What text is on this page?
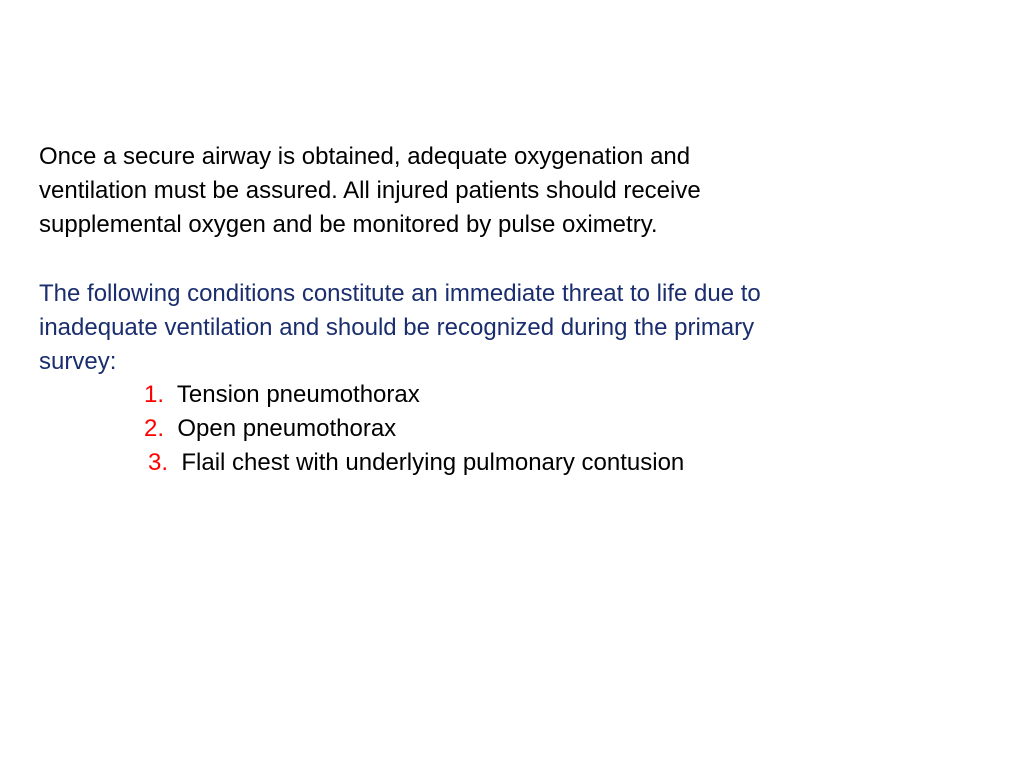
Once a secure airway is obtained, adequate oxygenation and
ventilation must be assured. All injured patients should receive
supplemental oxygen and be monitored by pulse oximetry.

The following conditions constitute an immediate threat to life due to
inadequate ventilation and should be recognized during the primary
survey:

1. Tension pneumothorax
2. Open pneumothorax
3. Flail chest with underlying pulmonary contusion
